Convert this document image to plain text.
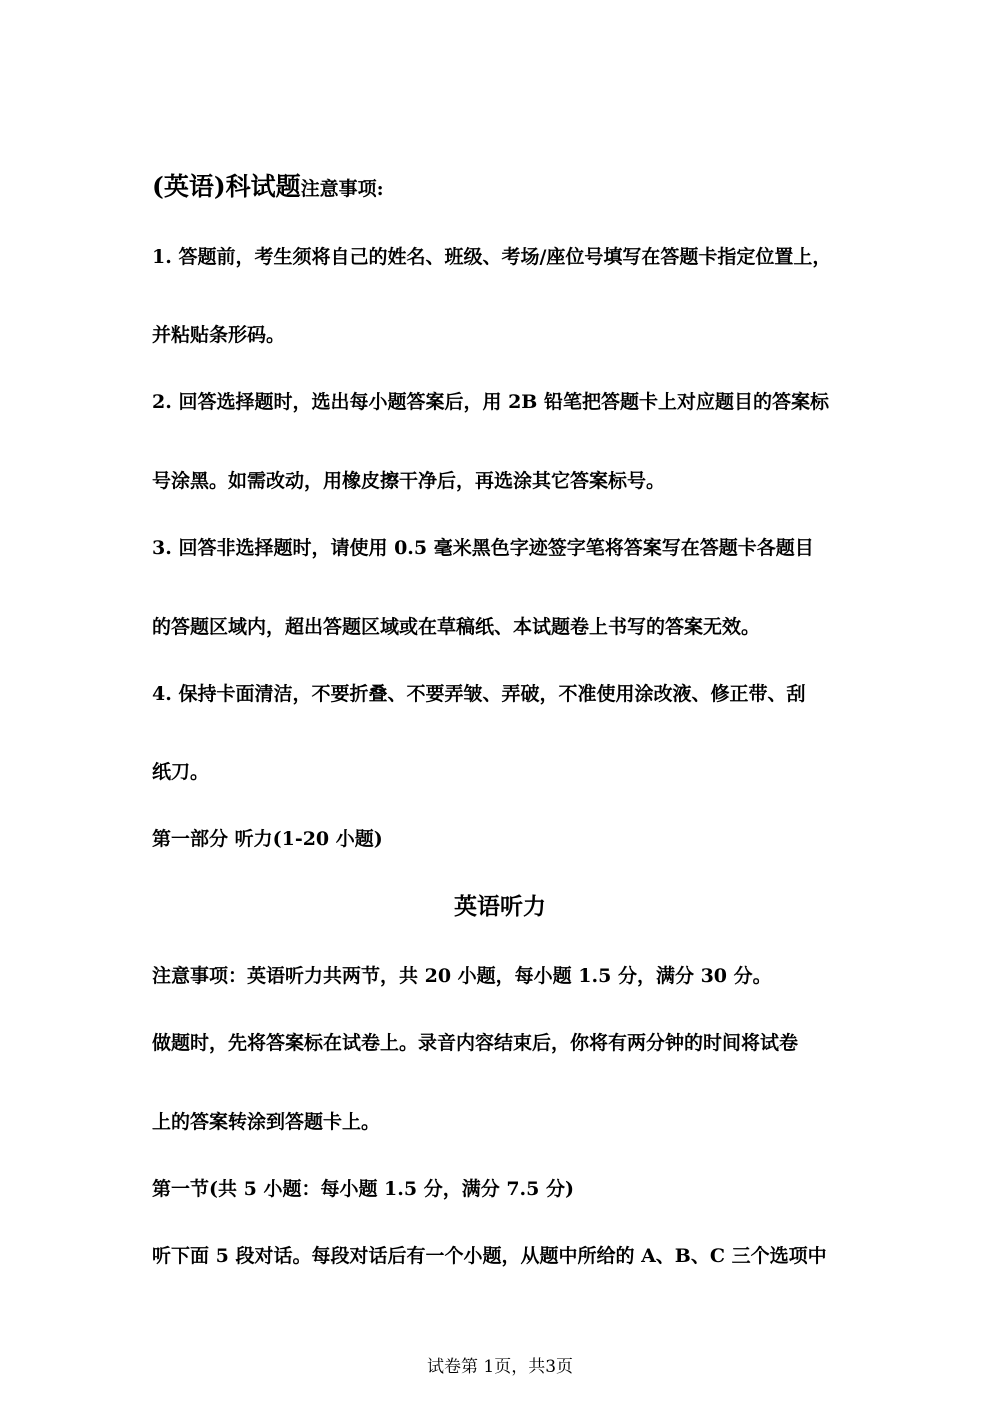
(英语)科试题注意事项:
1. 答题前，考生须将自己的姓名、班级、考场/座位号填写在答题卡指定位置上，
并粘贴条形码。
2. 回答选择题时，选出每小题答案后，用 2B 铅笔把答题卡上对应题目的答案标
号涂黑。如需改动，用橡皮擦干净后，再选涂其它答案标号。
3. 回答非选择题时，请使用 0.5 毫米黑色字迹签字笔将答案写在答题卡各题目
的答题区域内，超出答题区域或在草稿纸、本试题卷上书写的答案无效。
4. 保持卡面清洁，不要折叠、不要弄皱、弄破，不准使用涂改液、修正带、刮
纸刀。
第一部分 听力(1-20 小题)
英语听力
注意事项：英语听力共两节，共 20 小题，每小题 1.5 分，满分 30 分。
做题时，先将答案标在试卷上。录音内容结束后，你将有两分钟的时间将试卷
上的答案转涂到答题卡上。
第一节(共 5 小题：每小题 1.5 分，满分 7.5 分)
听下面 5 段对话。每段对话后有一个小题，从题中所给的 A、B、C 三个选项中
试卷第 1页，共3页
